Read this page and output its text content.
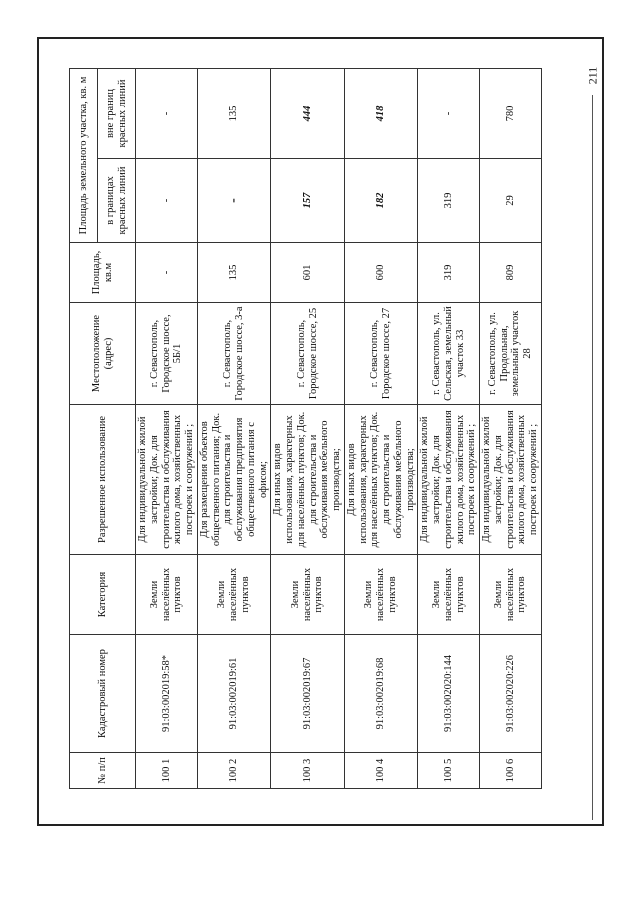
211
№ п/п	Кадастровый номер	Категория	Разрешенное использование	Местоположение (адрес)	Площадь, кв.м	Площадь земельного участка, кв. м	
						в границах красных линий	вне границ красных линий
100 1	91:03:002019:58*	Земли населённых пунктов	Для индивидуальной жилой застройки; Док. для строительства и обслуживания жилого дома, хозяйственных построек и сооружений ;	г. Севастополь, Городское шоссе, 5Б/1	-	-	-
100 2	91:03:002019:61	Земли населённых пунктов	Для размещения объектов общественного питания; Док. для строительства и обслуживания предприятия общественного питания с офисом;	г. Севастополь, Городское шоссе, 3-а	135	-	135
100 3	91:03:002019:67	Земли населённых пунктов	Для иных видов использования, характерных для населённых пунктов; Док. для строительства и обслуживания мебельного производства;	г. Севастополь, Городское шоссе, 25	601	157	444
100 4	91:03:002019:68	Земли населённых пунктов	Для иных видов использования, характерных для населённых пунктов; Док. для строительства и обслуживания мебельного производства;	г. Севастополь, Городское шоссе, 27	600	182	418
100 5	91:03:002020:144	Земли населённых пунктов	Для индивидуальной жилой застройки; Док. для строительства и обслуживания жилого дома, хозяйственных построек и сооружений ;	г. Севастополь, ул. Сельская, земельный участок 33	319	319	-
100 6	91:03:002020:226	Земли населённых пунктов	Для индивидуальной жилой застройки; Док. для строительства и обслуживания жилого дома, хозяйственных построек и сооружений ;	г. Севастополь, ул. Продольная, земельный участок 28	809	29	780
